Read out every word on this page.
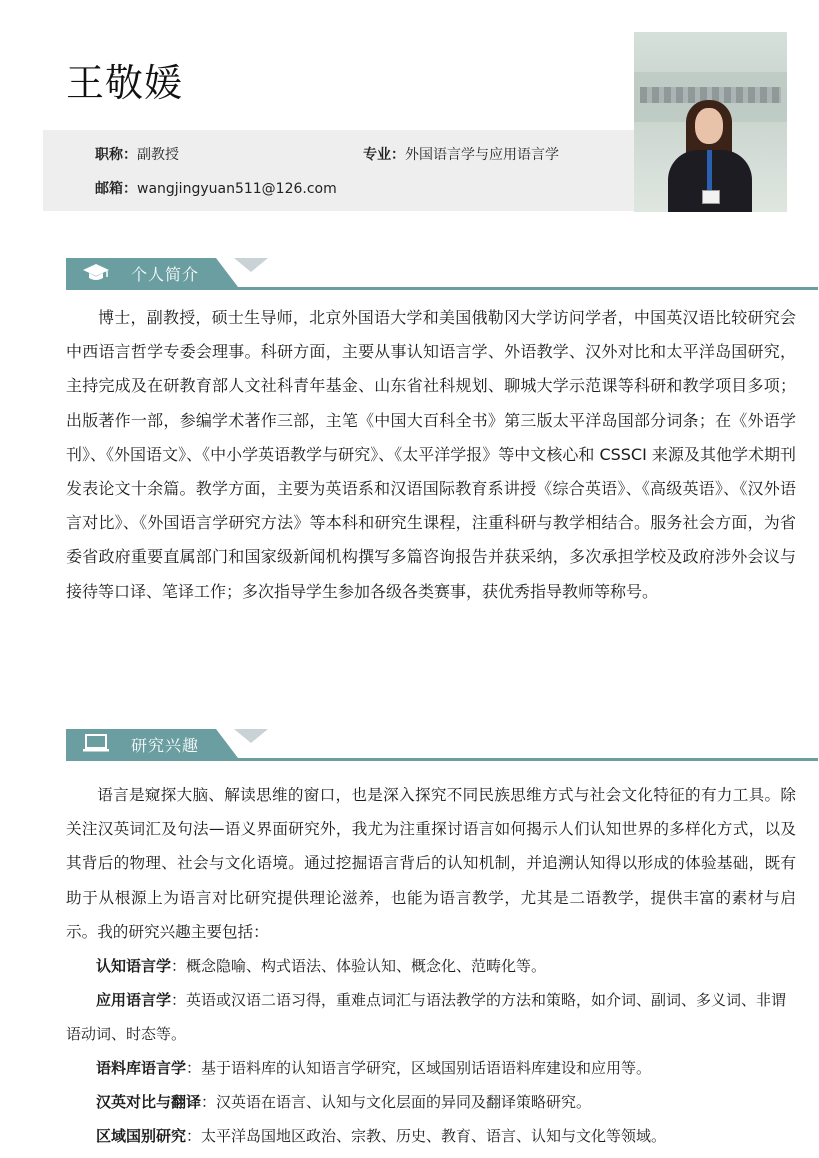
王敬媛
职称：副教授	专业：外国语言学与应用语言学
邮箱：wangjingyuan511@126.com
个人简介

博士，副教授，硕士生导师，北京外国语大学和美国俄勒冈大学访问学者，中国英汉语比较研究会中西语言哲学专委会理事。科研方面，主要从事认知语言学、外语教学、汉外对比和太平洋岛国研究，主持完成及在研教育部人文社科青年基金、山东省社科规划、聊城大学示范课等科研和教学项目多项；出版著作一部，参编学术著作三部，主笔《中国大百科全书》第三版太平洋岛国部分词条；在《外语学刊》、《外国语文》、《中小学英语教学与研究》、《太平洋学报》等中文核心和 CSSCI 来源及其他学术期刊发表论文十余篇。教学方面，主要为英语系和汉语国际教育系讲授《综合英语》、《高级英语》、《汉外语言对比》、《外国语言学研究方法》等本科和研究生课程，注重科研与教学相结合。服务社会方面，为省委省政府重要直属部门和国家级新闻机构撰写多篇咨询报告并获采纳，多次承担学校及政府涉外会议与接待等口译、笔译工作；多次指导学生参加各级各类赛事，获优秀指导教师等称号。

研究兴趣

语言是窥探大脑、解读思维的窗口，也是深入探究不同民族思维方式与社会文化特征的有力工具。除关注汉英词汇及句法—语义界面研究外，我尤为注重探讨语言如何揭示人们认知世界的多样化方式，以及其背后的物理、社会与文化语境。通过挖掘语言背后的认知机制，并追溯认知得以形成的体验基础，既有助于从根源上为语言对比研究提供理论滋养，也能为语言教学，尤其是二语教学，提供丰富的素材与启示。我的研究兴趣主要包括：

认知语言学：概念隐喻、构式语法、体验认知、概念化、范畴化等。
应用语言学：英语或汉语二语习得，重难点词汇与语法教学的方法和策略，如介词、副词、多义词、非谓语动词、时态等。
语料库语言学：基于语料库的认知语言学研究，区域国别话语语料库建设和应用等。
汉英对比与翻译：汉英语在语言、认知与文化层面的异同及翻译策略研究。
区域国别研究：太平洋岛国地区政治、宗教、历史、教育、语言、认知与文化等领域。
